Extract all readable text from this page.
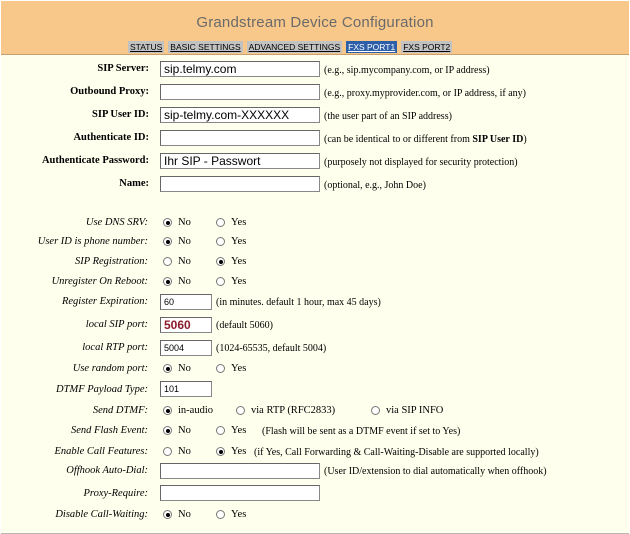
Grandstream Device Configuration
STATUS BASIC SETTINGS ADVANCED SETTINGS FXS PORT1 FXS PORT2
SIP Server:
sip.telmy.com	(e.g., sip.mycompany.com, or IP address)
Outbound Proxy:	(e.g., proxy.myprovider.com, or IP address, if any)
SIP User ID:
sip-telmy.com-XXXXXX	(the user part of an SIP address)
Authenticate ID:	(can be identical to or different from SIP User ID)
Authenticate Password:
Ihr SIP - Passwort	(purposely not displayed for security protection)
Name:	(optional, e.g., John Doe)
Use DNS SRV:	No	Yes
User ID is phone number:	No	Yes
SIP Registration:	No	Yes
Unregister On Reboot:	No	Yes
Register Expiration:
60	(in minutes. default 1 hour, max 45 days)
local SIP port:
5060	(default 5060)
local RTP port:
5004	(1024-65535, default 5004)
Use random port:	No	Yes
DTMF Payload Type:
101
Send DTMF:	in-audio	via RTP (RFC2833)	via SIP INFO
Send Flash Event:	No	Yes (Flash will be sent as a DTMF event if set to Yes)
Enable Call Features:	No	Yes (if Yes, Call Forwarding & Call-Waiting-Disable are supported locally)
Offhook Auto-Dial:	(User ID/extension to dial automatically when offhook)
Proxy-Require:
Disable Call-Waiting:	No	Yes
